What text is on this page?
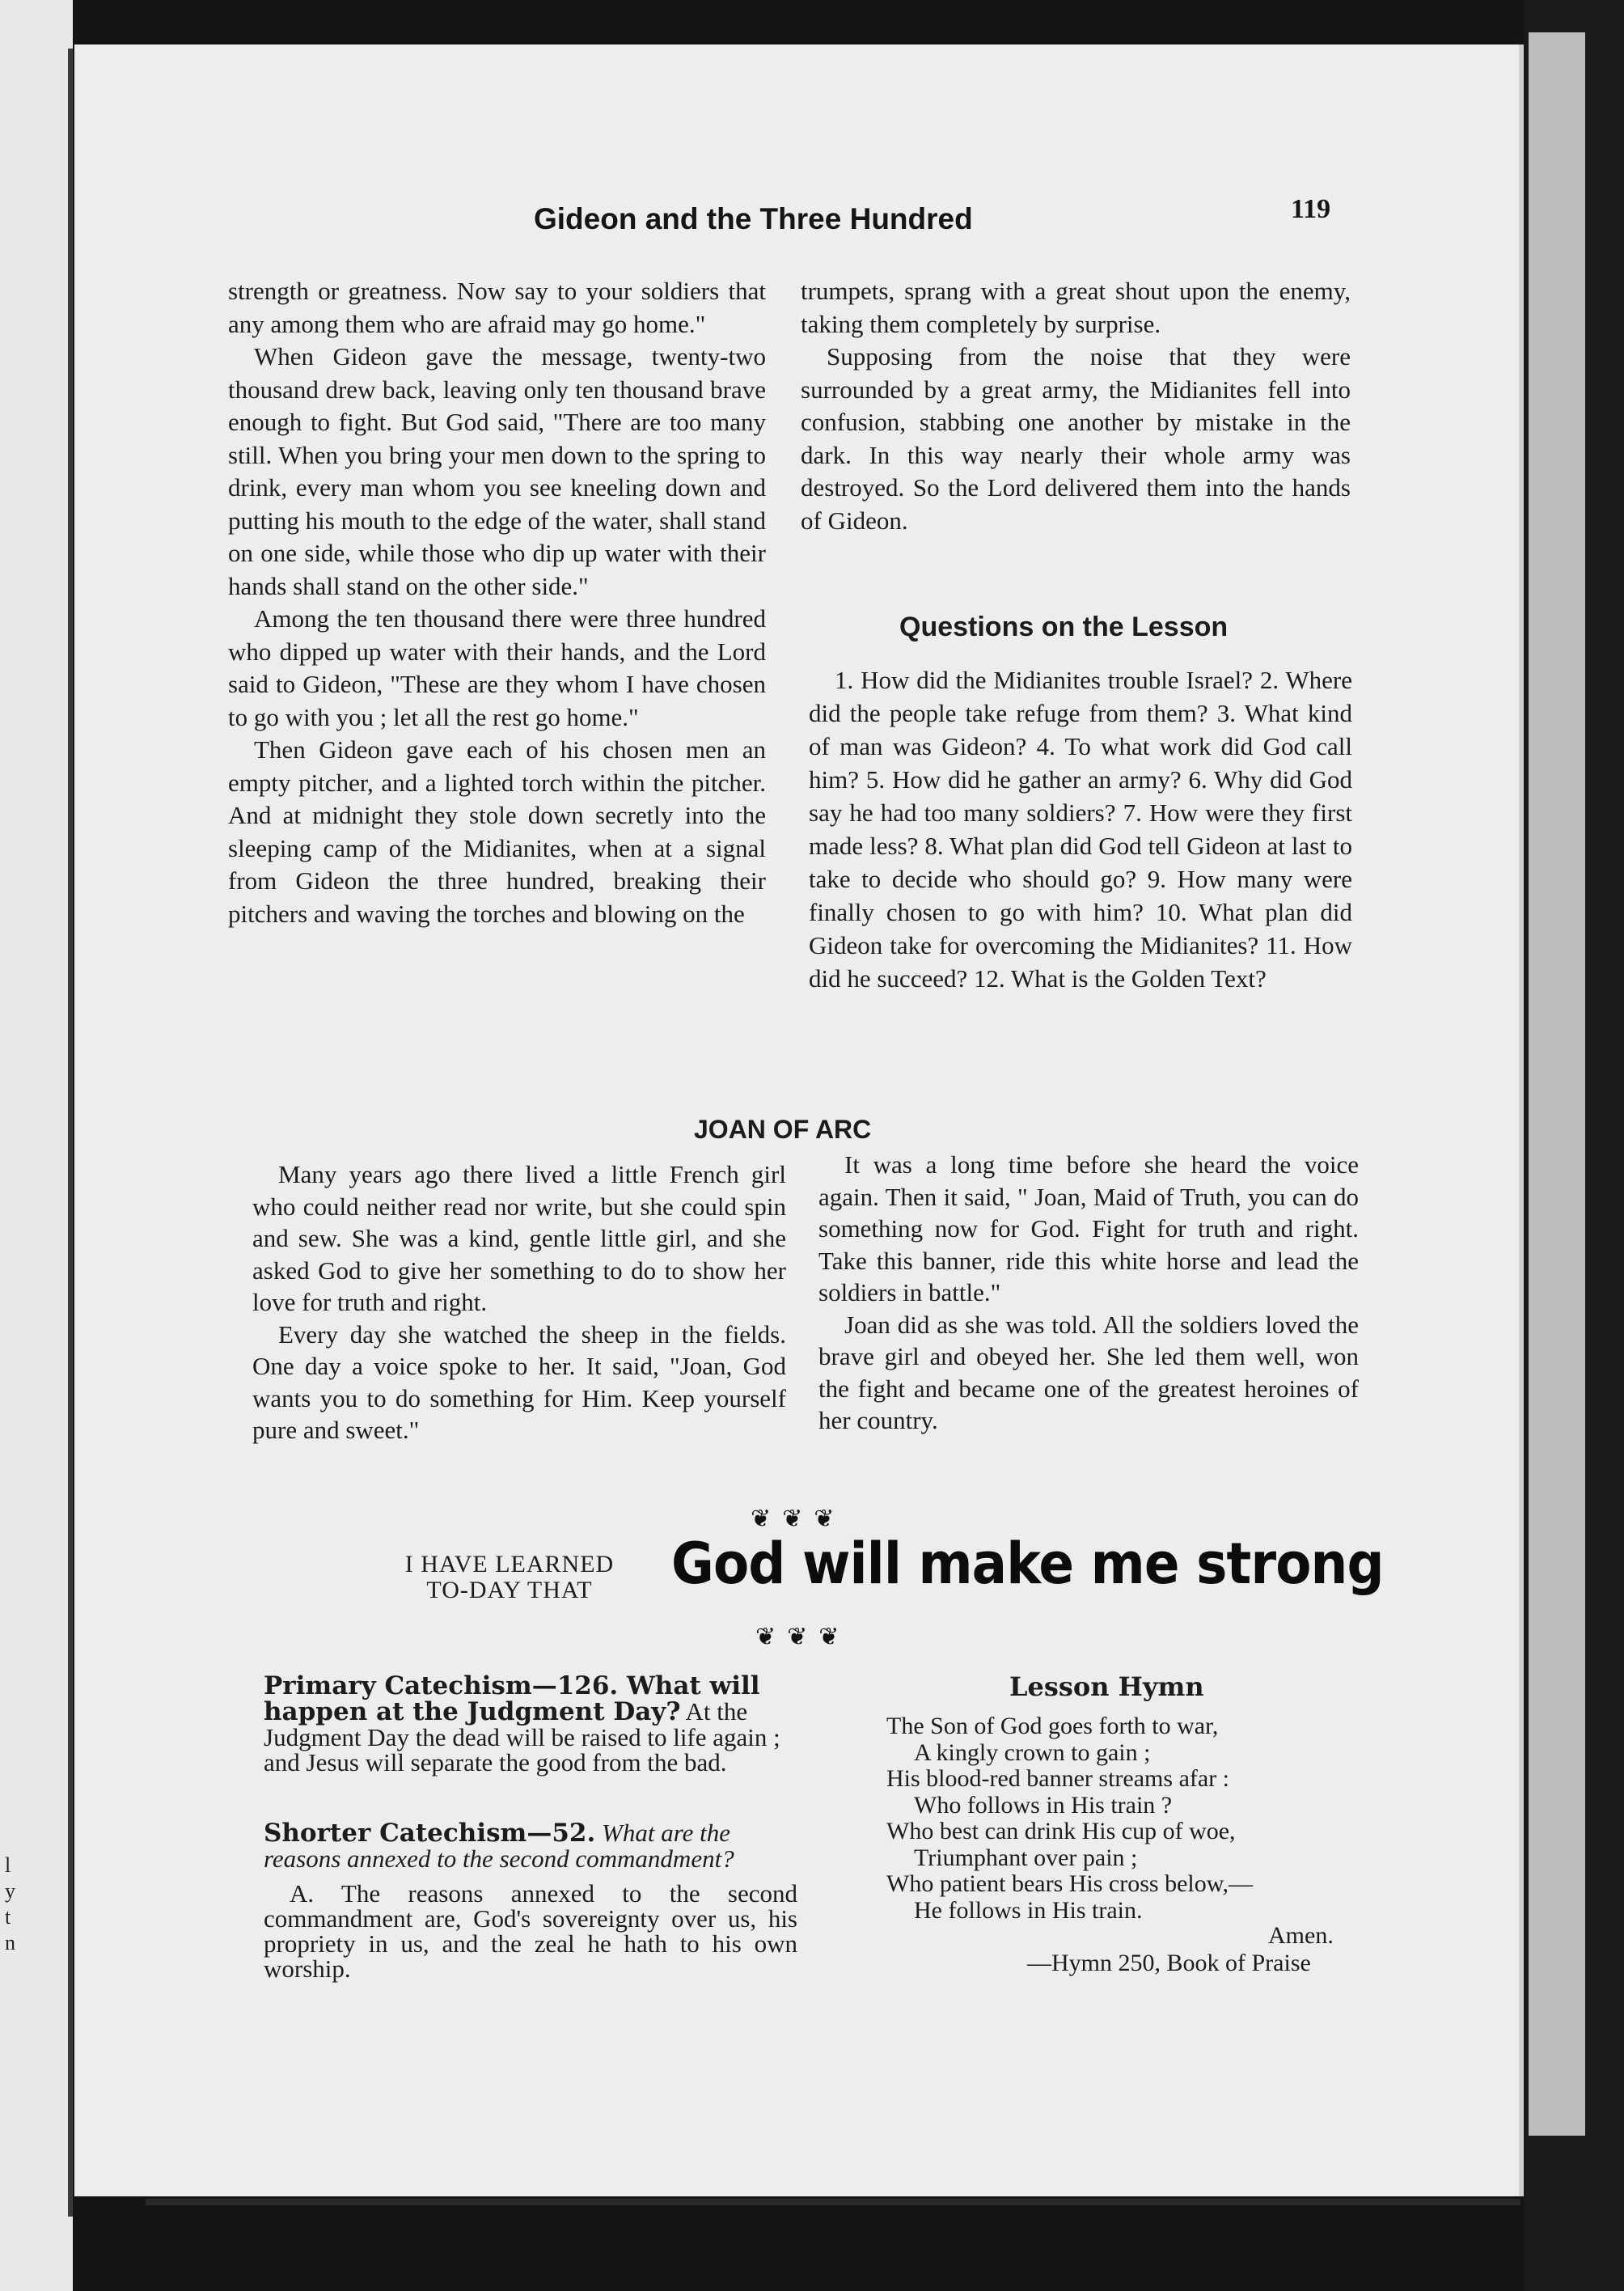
l
y
t
n
Gideon and the Three Hundred	119

strength or greatness. Now say to your soldiers that any among them who are afraid may go home."

When Gideon gave the message, twenty-two thousand drew back, leaving only ten thousand brave enough to fight. But God said, "There are too many still. When you bring your men down to the spring to drink, every man whom you see kneeling down and putting his mouth to the edge of the water, shall stand on one side, while those who dip up water with their hands shall stand on the other side."

Among the ten thousand there were three hundred who dipped up water with their hands, and the Lord said to Gideon, "These are they whom I have chosen to go with you ; let all the rest go home."

Then Gideon gave each of his chosen men an empty pitcher, and a lighted torch within the pitcher. And at midnight they stole down secretly into the sleeping camp of the Midianites, when at a signal from Gideon the three hundred, breaking their pitchers and waving the torches and blowing on the

trumpets, sprang with a great shout upon the enemy, taking them completely by surprise.

Supposing from the noise that they were surrounded by a great army, the Midianites fell into confusion, stabbing one another by mistake in the dark. In this way nearly their whole army was destroyed. So the Lord delivered them into the hands of Gideon.

Questions on the Lesson

1. How did the Midianites trouble Israel? 2. Where did the people take refuge from them? 3. What kind of man was Gideon? 4. To what work did God call him? 5. How did he gather an army? 6. Why did God say he had too many soldiers? 7. How were they first made less? 8. What plan did God tell Gideon at last to take to decide who should go? 9. How many were finally chosen to go with him? 10. What plan did Gideon take for overcoming the Midianites? 11. How did he succeed? 12. What is the Golden Text?

JOAN OF ARC

Many years ago there lived a little French girl who could neither read nor write, but she could spin and sew. She was a kind, gentle little girl, and she asked God to give her something to do to show her love for truth and right.

Every day she watched the sheep in the fields. One day a voice spoke to her. It said, "Joan, God wants you to do something for Him. Keep yourself pure and sweet."

It was a long time before she heard the voice again. Then it said, " Joan, Maid of Truth, you can do something now for God. Fight for truth and right. Take this banner, ride this white horse and lead the soldiers in battle."

Joan did as she was told. All the soldiers loved the brave girl and obeyed her. She led them well, won the fight and became one of the greatest heroines of her country.

❦❦❦
I HAVE LEARNED
TO-DAY THAT	God will make me strong
❦❦❦

Primary Catechism—126. What will happen at the Judgment Day? At the Judgment Day the dead will be raised to life again ; and Jesus will separate the good from the bad.

Shorter Catechism—52. What are the reasons annexed to the second commandment?

A. The reasons annexed to the second commandment are, God's sovereignty over us, his propriety in us, and the zeal he hath to his own worship.

Lesson Hymn
The Son of God goes forth to war,
A kingly crown to gain ;
His blood-red banner streams afar :
Who follows in His train ?
Who best can drink His cup of woe,
Triumphant over pain ;
Who patient bears His cross below,—
He follows in His train.
Amen.
—Hymn 250, Book of Praise
